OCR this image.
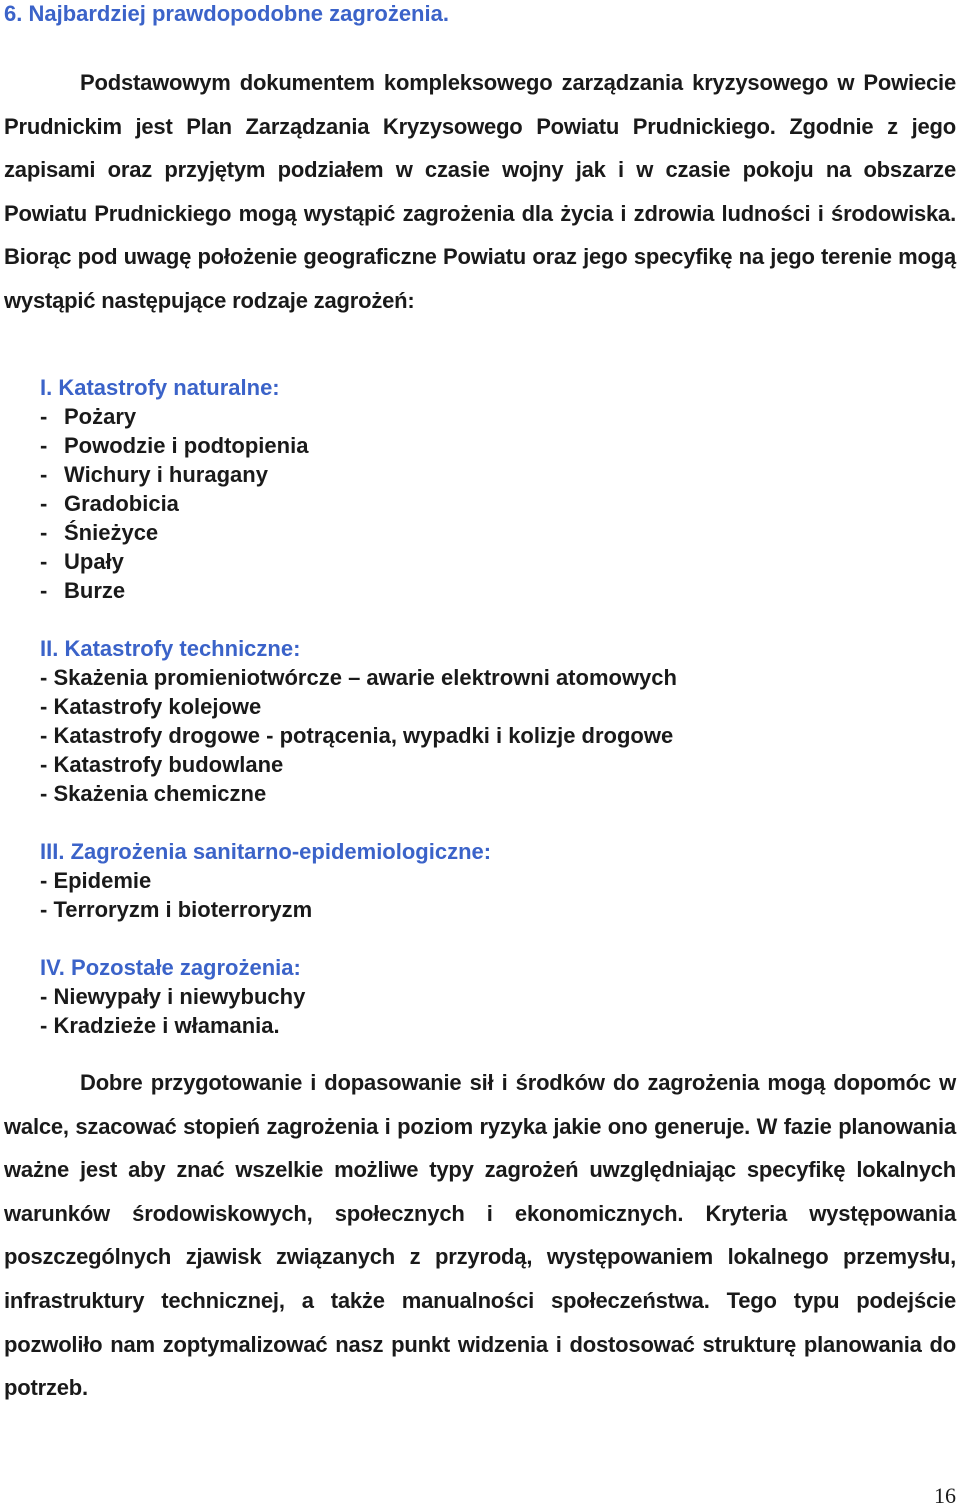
6. Najbardziej prawdopodobne zagrożenia.

Podstawowym dokumentem kompleksowego zarządzania kryzysowego w Powiecie Prudnickim jest Plan Zarządzania Kryzysowego Powiatu Prudnickiego. Zgodnie z jego zapisami oraz przyjętym podziałem w czasie wojny jak i w czasie pokoju na obszarze Powiatu Prudnickiego mogą wystąpić zagrożenia dla życia i zdrowia ludności i środowiska. Biorąc pod uwagę położenie geograficzne Powiatu oraz jego specyfikę na jego terenie mogą wystąpić następujące rodzaje zagrożeń:

I. Katastrofy naturalne:

- Pożary

- Powodzie i podtopienia

- Wichury i huragany

- Gradobicia

- Śnieżyce

- Upały

- Burze

II. Katastrofy techniczne:

- Skażenia promieniotwórcze – awarie elektrowni atomowych

- Katastrofy kolejowe

- Katastrofy drogowe - potrącenia, wypadki i kolizje drogowe

- Katastrofy budowlane

- Skażenia chemiczne

III. Zagrożenia sanitarno-epidemiologiczne:

- Epidemie

- Terroryzm i bioterroryzm

IV. Pozostałe zagrożenia:

- Niewypały i niewybuchy

- Kradzieże i włamania.

Dobre przygotowanie i dopasowanie sił i środków do zagrożenia mogą dopomóc w walce, szacować stopień zagrożenia i poziom ryzyka jakie ono generuje. W fazie planowania ważne jest aby znać wszelkie możliwe typy zagrożeń uwzględniając specyfikę lokalnych warunków środowiskowych, społecznych i ekonomicznych. Kryteria występowania poszczególnych zjawisk związanych z przyrodą, występowaniem lokalnego przemysłu, infrastruktury technicznej, a także manualności społeczeństwa. Tego typu podejście pozwoliło nam zoptymalizować nasz punkt widzenia i dostosować strukturę planowania do potrzeb.

16
